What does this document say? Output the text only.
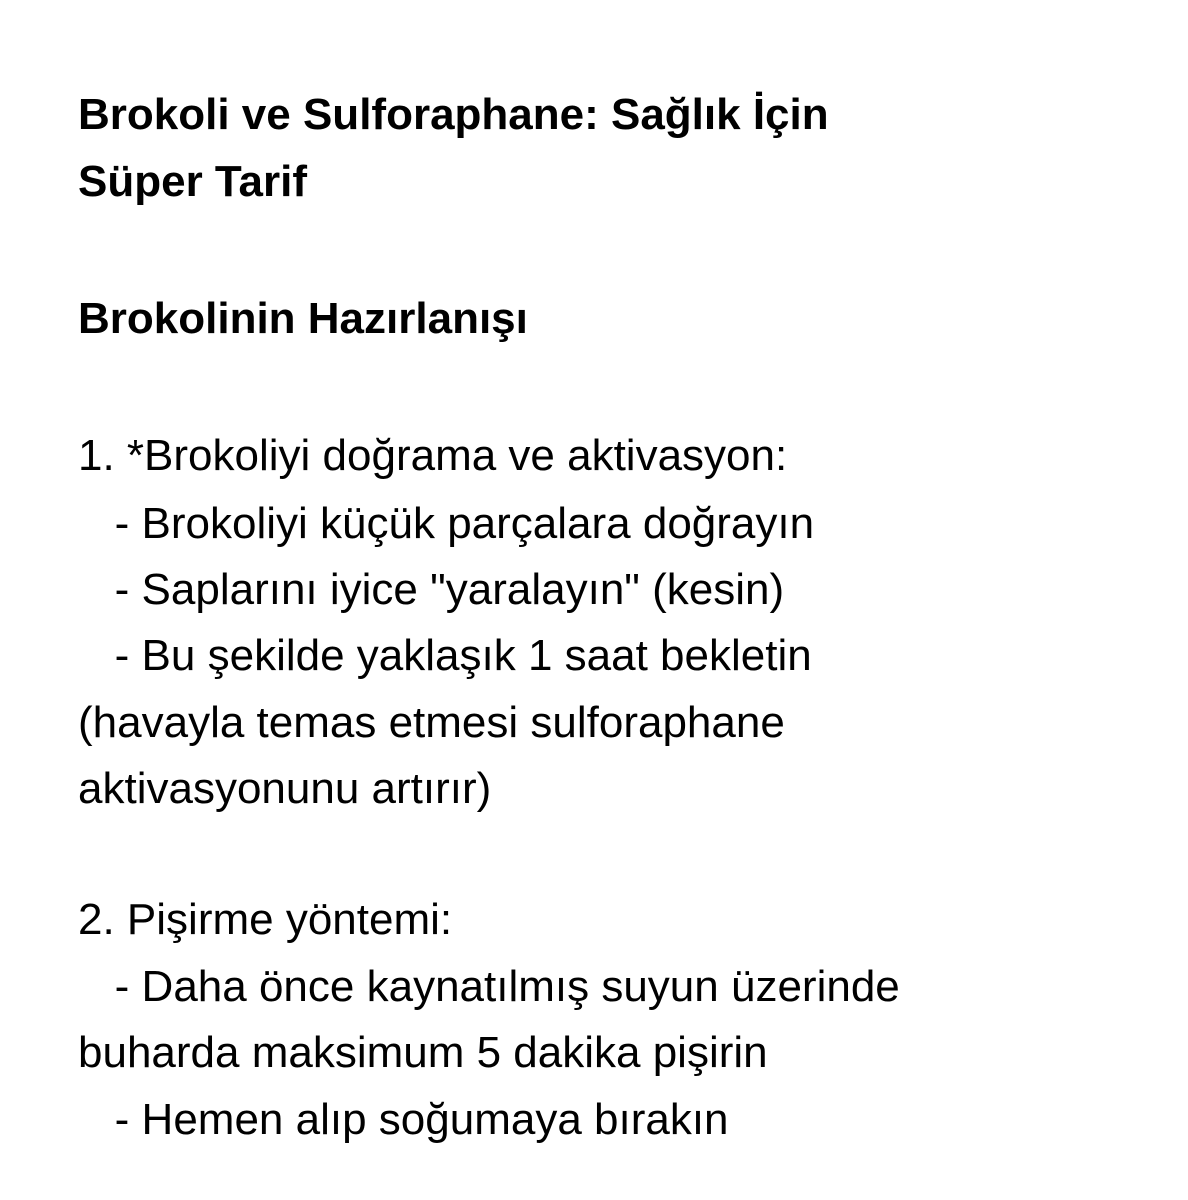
Brokoli ve Sulforaphane: Sağlık İçin
Süper Tarif
Brokolinin Hazırlanışı

1. *Brokoliyi doğrama ve aktivasyon:

- Brokoliyi küçük parçalara doğrayın

- Saplarını iyice "yaralayın" (kesin)

- Bu şekilde yaklaşık 1 saat bekletin

(havayla temas etmesi sulforaphane

aktivasyonunu artırır)

2. Pişirme yöntemi:

- Daha önce kaynatılmış suyun üzerinde

buharda maksimum 5 dakika pişirin

- Hemen alıp soğumaya bırakın
